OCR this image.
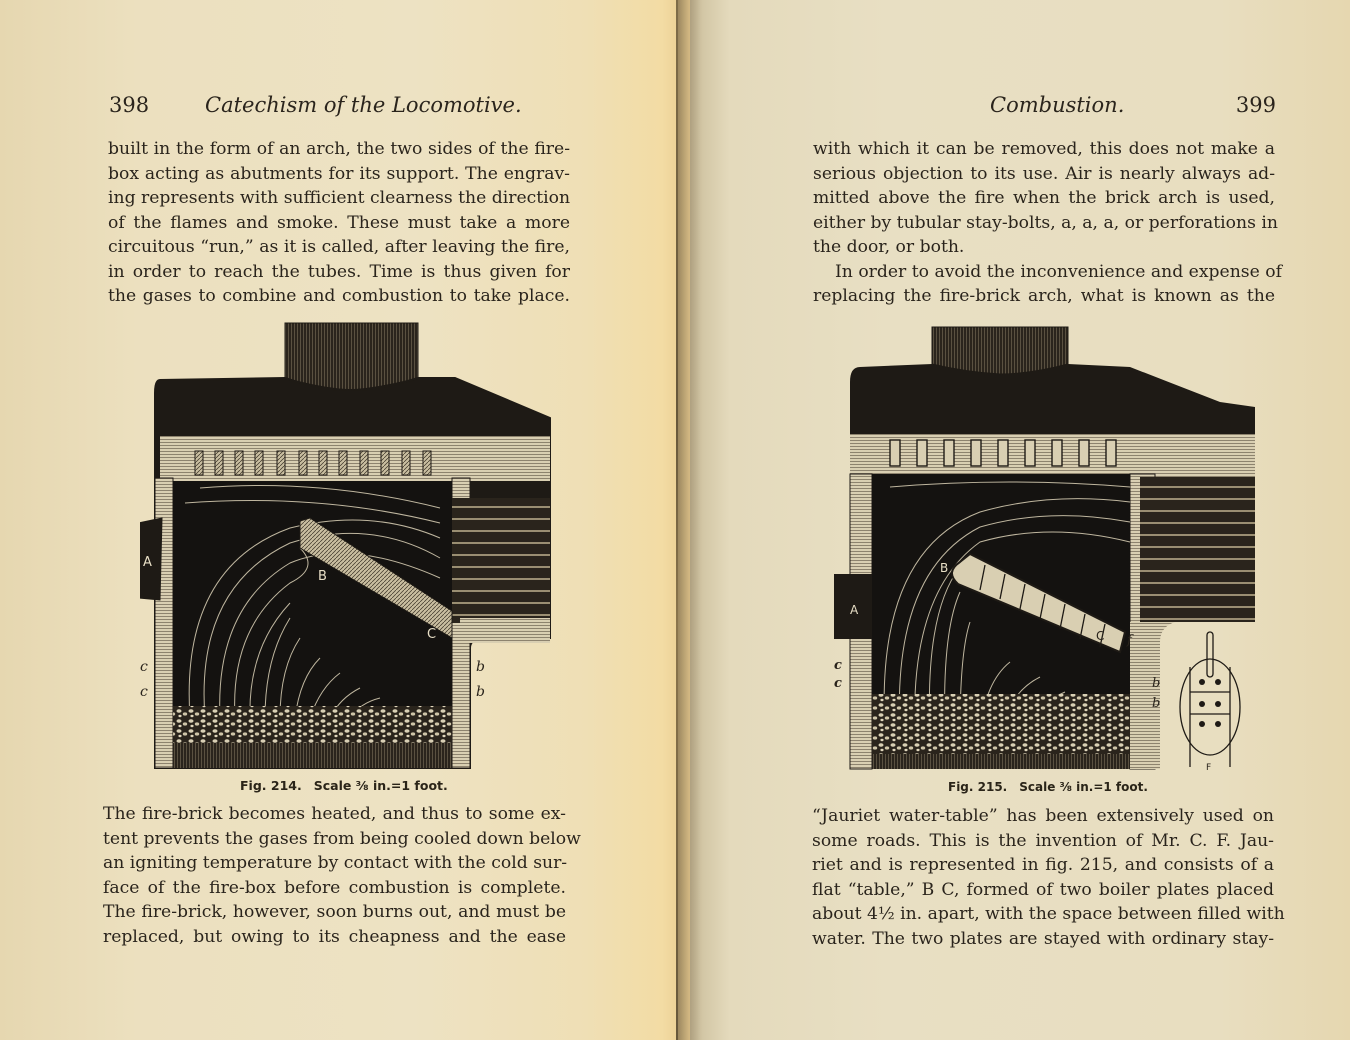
398	Catechism of the Locomotive.
built in the form of an arch, the two sides of the fire-
box acting as abutments for its support. The engrav-
ing represents with sufficient clearness the direction
of the flames and smoke. These must take a more
circuitous “run,” as it is called, after leaving the fire,
in order to reach the tubes. Time is thus given for
the gases to combine and combustion to take place.
B
C
A
c
c
b
b
Fig. 214. Scale ⅜ in.=1 foot.
The fire-brick becomes heated, and thus to some ex-
tent prevents the gases from being cooled down below
an igniting temperature by contact with the cold sur-
face of the fire-box before combustion is complete.
The fire-brick, however, soon burns out, and must be
replaced, but owing to its cheapness and the ease
Combustion.	399
with which it can be removed, this does not make a
serious objection to its use. Air is nearly always ad-
mitted above the fire when the brick arch is used,
either by tubular stay-bolts, a, a, a, or perforations in
the door, or both.
In order to avoid the inconvenience and expense of
replacing the fire-brick arch, what is known as the
B
C
A
f
c
c	b
b
F
Fig. 215. Scale ⅜ in.=1 foot.
“Jauriet water-table” has been extensively used on
some roads. This is the invention of Mr. C. F. Jau-
riet and is represented in fig. 215, and consists of a
flat “table,” B C, formed of two boiler plates placed
about 4½ in. apart, with the space between filled with
water. The two plates are stayed with ordinary stay-
